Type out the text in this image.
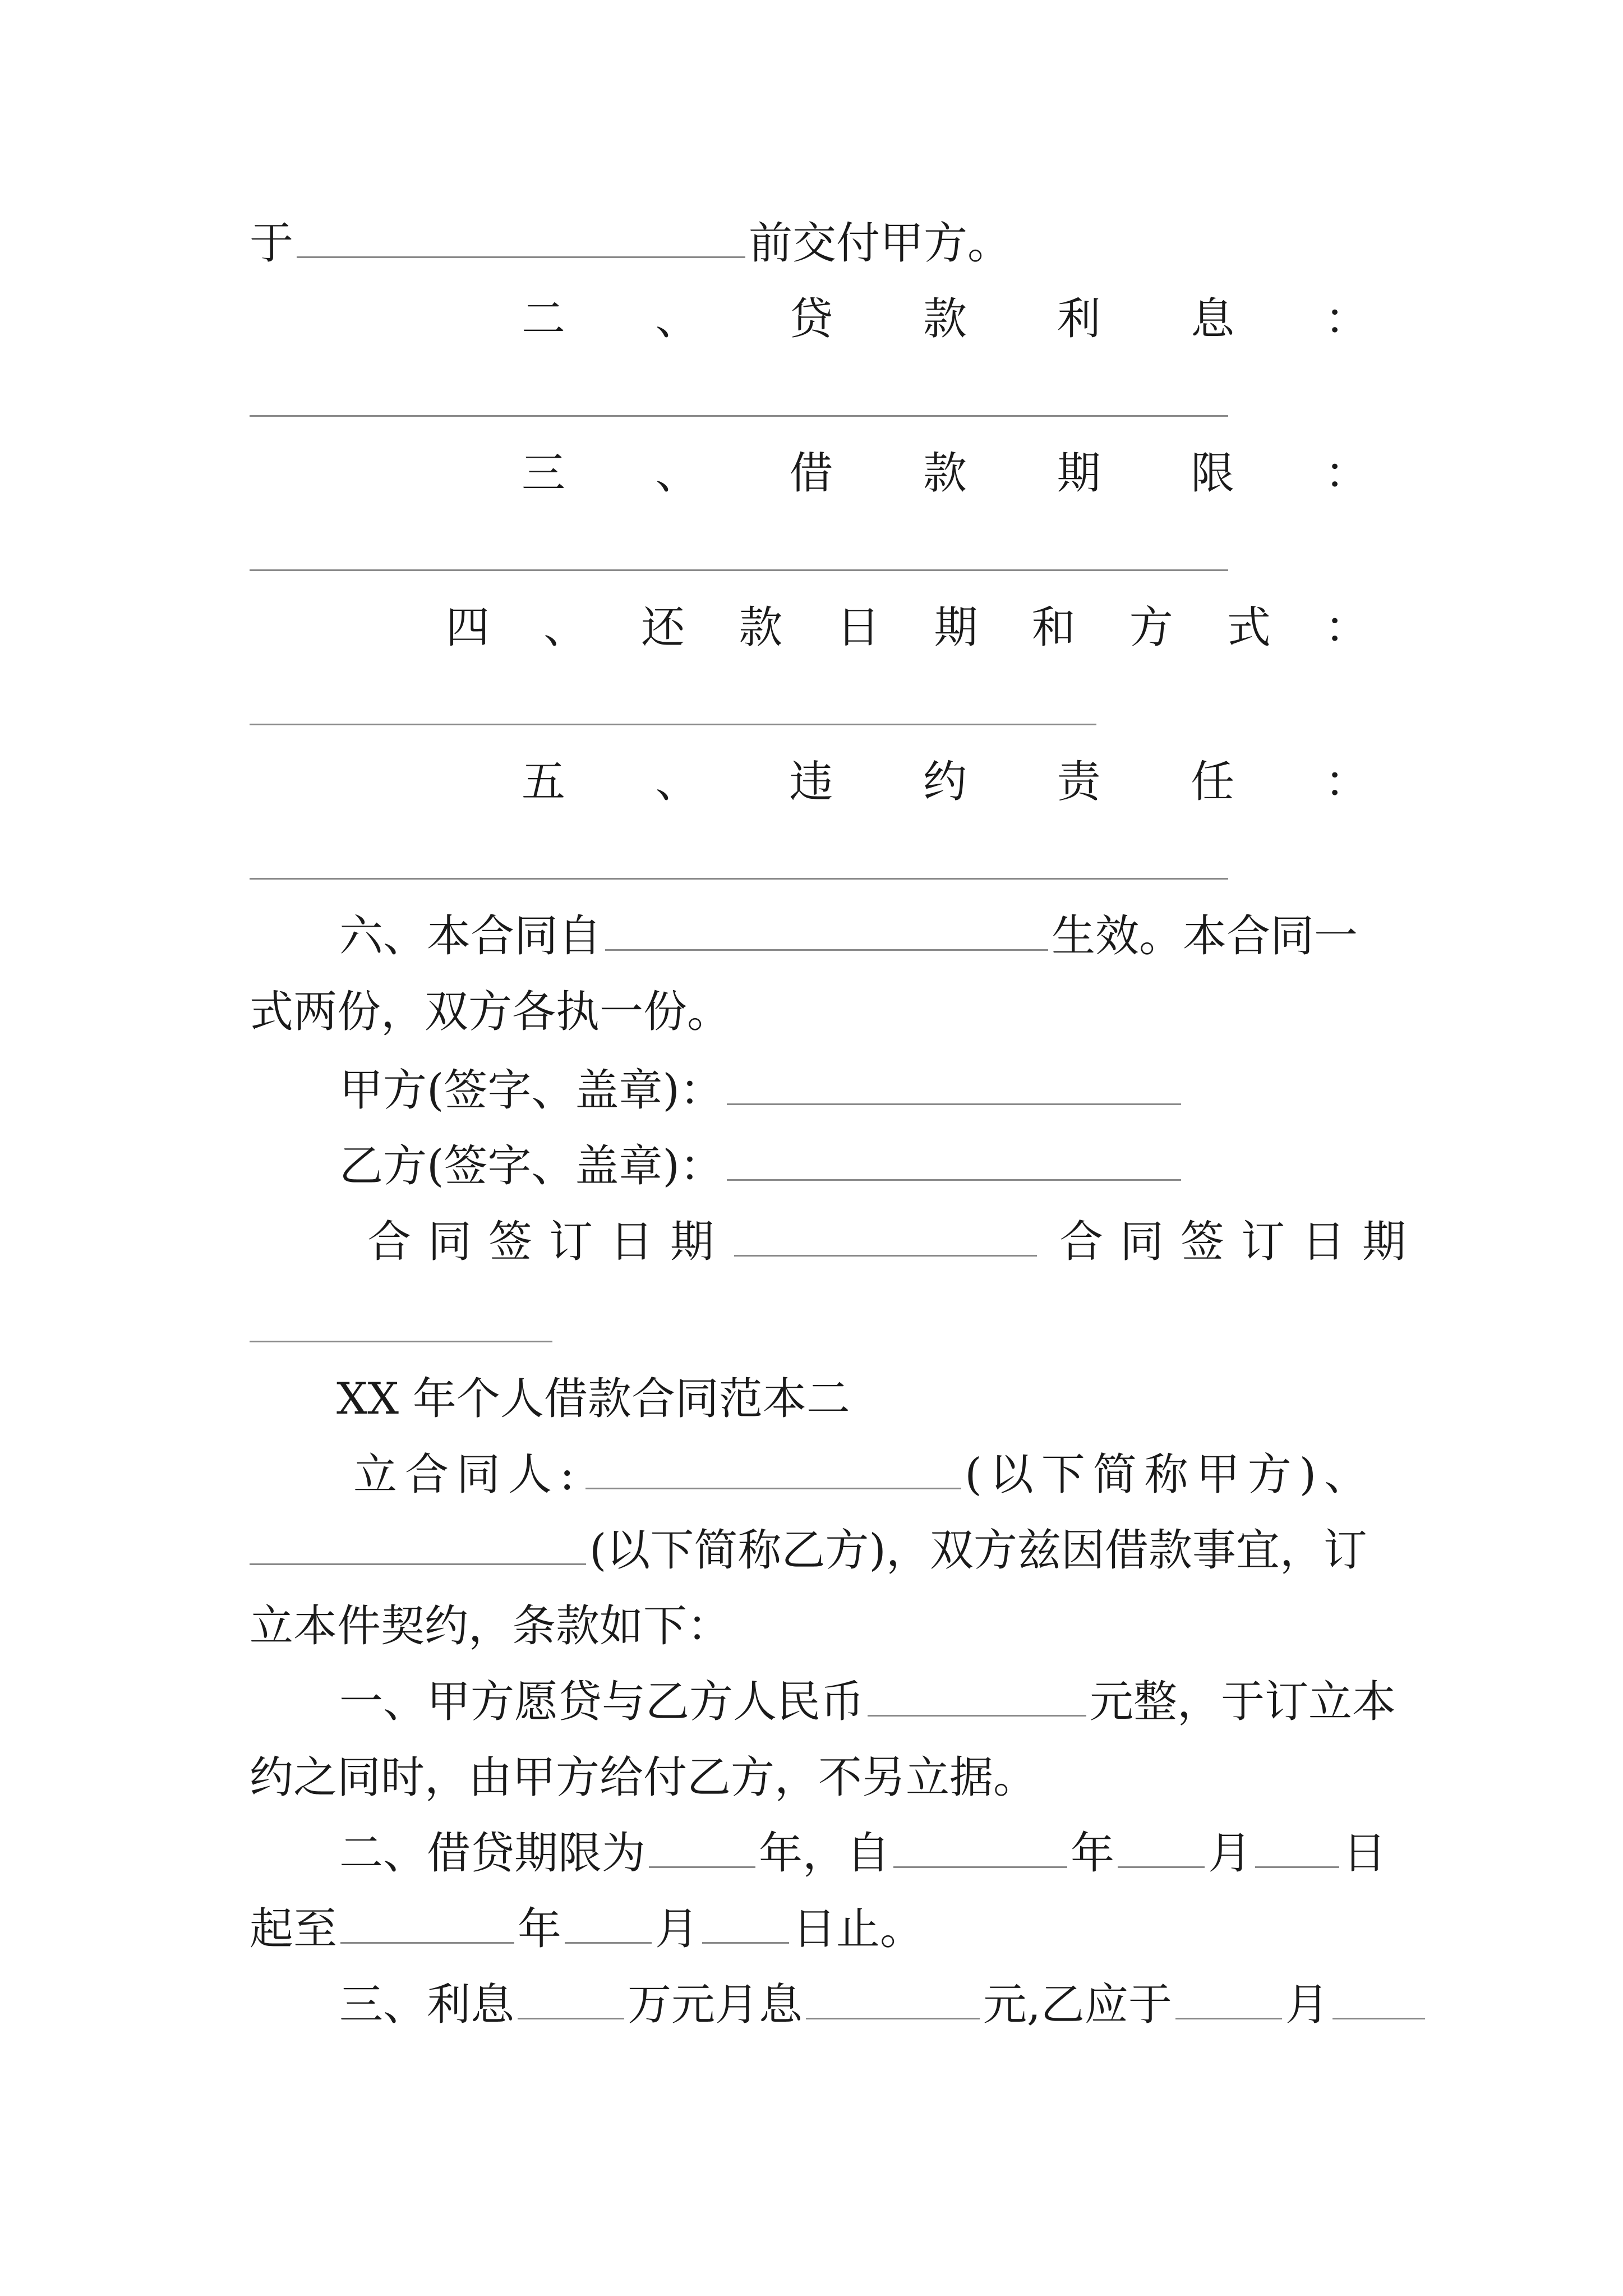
于	前交付甲方。
二 、 贷 款 利 息 ：
三 、 借 款 期 限 ：
四 、 还 款 日 期 和 方 式 ：
五 、 违 约 责 任 ：
六、本合同自	生效。本合同一
式两份，双方各执一份。
甲方(签字、盖章)：
乙方(签字、盖章)：
合同签订日期	合同签订日期
XX 年个人借款合同范本二
立合同人:	(以下简称甲方)、
(以下简称乙方)，双方兹因借款事宜，订
立本件契约，条款如下：
一、甲方愿贷与乙方人民币	元整，于订立本
约之同时，由甲方给付乙方，不另立据。
二、借贷期限为	年，自	年 月 日
起至	年 月 日止。
三、利息	万元月息	元,乙应于	月
